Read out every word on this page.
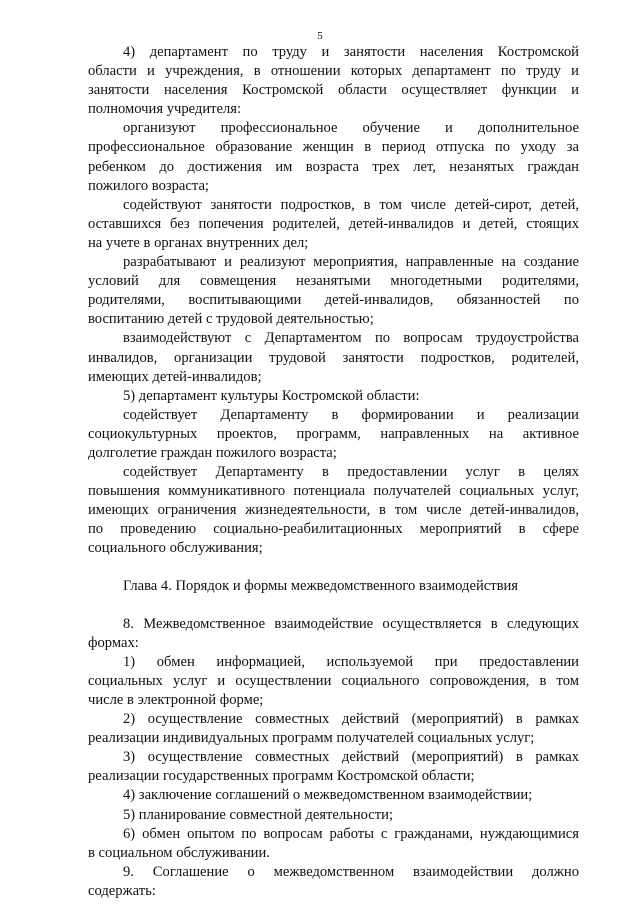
5
4) департамент по труду и занятости населения Костромской
области и учреждения, в отношении которых департамент по труду и
занятости населения Костромской области осуществляет функции и
полномочия учредителя:
организуют профессиональное обучение и дополнительное
профессиональное образование женщин в период отпуска по уходу за
ребенком до достижения им возраста трех лет, незанятых граждан
пожилого возраста;
содействуют занятости подростков, в том числе детей-сирот, детей,
оставшихся без попечения родителей, детей-инвалидов и детей, стоящих
на учете в органах внутренних дел;
разрабатывают и реализуют мероприятия, направленные на создание
условий для совмещения незанятыми многодетными родителями,
родителями, воспитывающими детей-инвалидов, обязанностей по
воспитанию детей с трудовой деятельностью;
взаимодействуют с Департаментом по вопросам трудоустройства
инвалидов, организации трудовой занятости подростков, родителей,
имеющих детей-инвалидов;
5) департамент культуры Костромской области:
содействует Департаменту в формировании и реализации
социокультурных проектов, программ, направленных на активное
долголетие граждан пожилого возраста;
содействует Департаменту в предоставлении услуг в целях
повышения коммуникативного потенциала получателей социальных услуг,
имеющих ограничения жизнедеятельности, в том числе детей-инвалидов,
по проведению социально-реабилитационных мероприятий в сфере
социального обслуживания;
Глава 4. Порядок и формы межведомственного взаимодействия
8. Межведомственное взаимодействие осуществляется в следующих
формах:
1) обмен информацией, используемой при предоставлении
социальных услуг и осуществлении социального сопровождения, в том
числе в электронной форме;
2) осуществление совместных действий (мероприятий) в рамках
реализации индивидуальных программ получателей социальных услуг;
3) осуществление совместных действий (мероприятий) в рамках
реализации государственных программ Костромской области;
4) заключение соглашений о межведомственном взаимодействии;
5) планирование совместной деятельности;
6) обмен опытом по вопросам работы с гражданами, нуждающимися
в социальном обслуживании.
9. Соглашение о межведомственном взаимодействии должно
содержать:
